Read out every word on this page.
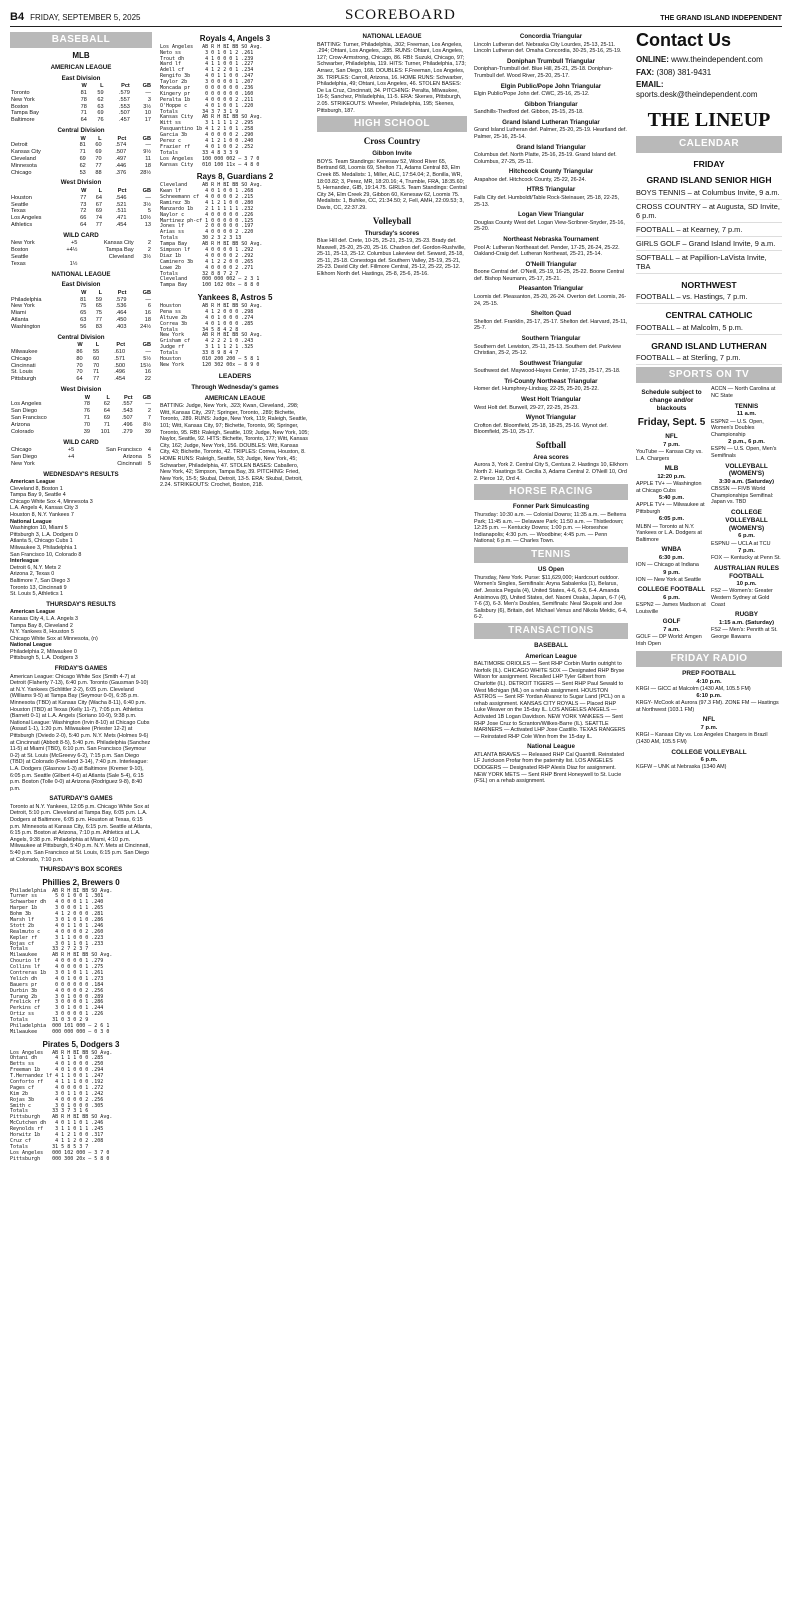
B4 FRIDAY, SEPTEMBER 5, 2025	SCOREBOARD	THE GRAND ISLAND INDEPENDENT
BASEBALL
MLB
AMERICAN LEAGUE
East Division
	W	L	Pct	GB
Toronto	81	59	.579	—
New York	78	62	.557	3
Boston	78	63	.553	3½
Tampa Bay	71	69	.507	10
Baltimore	64	76	.457	17
Central Division
	W	L	Pct	GB
Detroit	81	60	.574	—
Kansas City	71	69	.507	9½
Cleveland	69	70	.497	11
Minnesota	62	77	.446	18
Chicago	53	88	.376	28½
West Division
	W	L	Pct	GB
Houston	77	64	.546	—
Seattle	73	67	.521	3½
Texas	72	69	.511	5
Los Angeles	66	74	.471	10½
Athletics	64	77	.454	13
WILD CARD
New York	+5	Kansas City	2
Boston	+4½	Tampa Bay	2
Seattle		Cleveland	3½
Texas	1½		
NATIONAL LEAGUE
East Division
	W	L	Pct	GB
Philadelphia	81	59	.579	—
New York	75	65	.536	6
Miami	65	75	.464	16
Atlanta	63	77	.450	18
Washington	56	83	.403	24½
Central Division
	W	L	Pct	GB
Milwaukee	86	55	.610	—
Chicago	80	60	.571	5½
Cincinnati	70	70	.500	15½
St. Louis	70	71	.496	16
Pittsburgh	64	77	.454	22
West Division
	W	L	Pct	GB
Los Angeles	78	62	.557	—
San Diego	76	64	.543	2
San Francisco	71	69	.507	7
Arizona	70	71	.496	8½
Colorado	39	101	.279	39
WILD CARD
Chicago	+5	San Francisco	4
San Diego	+4	Arizona	5
New York		Cincinnati	5
WEDNESDAY'S RESULTS
American League
Cleveland 8, Boston 1
Tampa Bay 9, Seattle 4
Chicago White Sox 4, Minnesota 3
L.A. Angels 4, Kansas City 3
Houston 8, N.Y. Yankees 7
National League
Washington 10, Miami 5
Pittsburgh 3, L.A. Dodgers 0
Atlanta 5, Chicago Cubs 1
Milwaukee 3, Philadelphia 1
San Francisco 10, Colorado 8
Interleague
Detroit 6, N.Y. Mets 2
Arizona 2, Texas 0
Baltimore 7, San Diego 3
Toronto 13, Cincinnati 9
St. Louis 5, Athletics 1
THURSDAY'S RESULTS
American League
Kansas City 4, L.A. Angels 3
Tampa Bay 8, Cleveland 2
N.Y. Yankees 8, Houston 5
Chicago White Sox at Minnesota, (n)
National League
Philadelphia 2, Milwaukee 0
Pittsburgh 5, L.A. Dodgers 3
FRIDAY'S GAMES

American League: Chicago White Sox (Smith 4-7) at Detroit (Flaherty 7-13), 6:40 p.m. Toronto (Gausman 9-10) at N.Y. Yankees (Schlittler 2-2), 6:05 p.m. Cleveland (Williams 9-5) at Tampa Bay (Seymour 0-0), 6:35 p.m. Minnesota (TBD) at Kansas City (Wacha 8-11), 6:40 p.m. Houston (TBD) at Texas (Kelly 11-7), 7:05 p.m. Athletics (Barnett 0-1) at L.A. Angels (Soriano 10-9), 9:38 p.m. National League: Washington (Irvin 8-10) at Chicago Cubs (Assad 1-1), 1:20 p.m. Milwaukee (Priester 12-2) at Pittsburgh (Oviedo 2-0), 5:40 p.m. N.Y. Mets (Holmes 9-6) at Cincinnati (Abbott 8-5), 5:40 p.m. Philadelphia (Sanchez 11-5) at Miami (TBD), 6:10 p.m. San Francisco (Seymour 0-2) at St. Louis (McGreevy 6-2), 7:15 p.m. San Diego (TBD) at Colorado (Freeland 3-14), 7:40 p.m. Interleague: L.A. Dodgers (Glasnow 1-3) at Baltimore (Kremer 9-10), 6:05 p.m. Seattle (Gilbert 4-6) at Atlanta (Sale 5-4), 6:15 p.m. Boston (Tolle 0-0) at Arizona (Rodriguez 9-8), 8:40 p.m.

SATURDAY'S GAMES

Toronto at N.Y. Yankees, 12:05 p.m. Chicago White Sox at Detroit, 5:10 p.m. Cleveland at Tampa Bay, 6:05 p.m. L.A. Dodgers at Baltimore, 6:05 p.m. Houston at Texas, 6:15 p.m. Minnesota at Kansas City, 6:15 p.m. Seattle at Atlanta, 6:15 p.m. Boston at Arizona, 7:10 p.m. Athletics at L.A. Angels, 9:38 p.m. Philadelphia at Miami, 4:10 p.m. Milwaukee at Pittsburgh, 5:40 p.m. N.Y. Mets at Cincinnati, 5:40 p.m. San Francisco at St. Louis, 6:15 p.m. San Diego at Colorado, 7:10 p.m.

THURSDAY'S BOX SCORES
Phillies 2, Brewers 0
Philadelphia  AB R H BI BB SO Avg.
Turner ss      5 0 1 0 0 1 .301
Schwarber dh   4 0 0 0 1 1 .240
Harper 1b      3 0 0 0 1 1 .265
Bohm 3b        4 1 2 0 0 0 .281
Marsh lf       3 0 1 0 1 0 .286
Stott 2b       4 0 1 1 0 1 .246
Realmuto c     4 0 0 0 0 2 .260
Kepler rf      3 1 1 0 0 0 .223
Rojas cf       3 0 1 1 0 1 .233
Totals        33 2 7 2 3 7
Milwaukee     AB R H BI BB SO Avg.
Chourio lf     4 0 0 0 0 1 .279
Collins lf     4 0 0 0 0 1 .275
Contreras 1b   3 0 1 0 1 1 .261
Yelich dh      4 0 1 0 0 1 .273
Bauers pr      0 0 0 0 0 0 .184
Durbin 3b      4 0 0 0 0 2 .256
Turang 2b      3 0 1 0 0 0 .289
Frelick rf     3 0 0 0 0 1 .286
Perkins cf     3 0 1 0 0 1 .244
Ortiz ss       3 0 0 0 0 1 .226
Totals        31 0 3 0 2 9
Philadelphia  000 101 000 — 2 6 1
Milwaukee     000 000 000 — 0 3 0
Pirates 5, Dodgers 3
Los Angeles   AB R H BI BB SO Avg.
Ohtani dh      4 1 1 1 0 0 .285
Betts ss       4 0 1 0 0 0 .250
Freeman 1b     4 0 1 0 0 0 .294
T.Hernandez lf 4 1 1 0 0 1 .247
Conforto rf    4 1 1 1 0 0 .192
Pages cf       4 0 0 0 0 1 .272
Kim 2b         3 0 1 1 0 1 .242
Rojas 3b       4 0 0 0 0 2 .256
Smith c        3 0 1 0 0 0 .305
Totals        33 3 7 3 1 6
Pittsburgh    AB R H BI BB SO Avg.
McCutchen dh   4 0 1 1 0 1 .246
Reynolds rf    3 1 1 0 1 1 .245
Horwitz 1b     4 1 2 1 0 0 .317
Cruz cf        4 1 1 2 0 2 .208
Totals        31 5 8 5 3 7
Los Angeles   000 102 000 — 3 7 0
Pittsburgh    000 300 20x — 5 8 0
Royals 4, Angels 3
Los Angeles   AB R H BI BB SO Avg.
Neto ss        3 0 1 0 1 2 .261
Trout dh       4 1 0 0 0 1 .239
Ward lf        4 1 1 0 0 1 .227
Adell cf       4 1 2 2 0 1 .234
Rengifo 3b     4 0 1 1 0 0 .247
Taylor 2b      3 0 0 0 0 1 .207
Moncada pr     0 0 0 0 0 0 .236
Kingery pr     0 0 0 0 0 0 .160
Peralta 1b     4 0 0 0 0 2 .211
O'Hoppe c      4 0 1 0 0 1 .220
Totals        34 3 7 3 1 9
Kansas City   AB R H BI BB SO Avg.
Witt ss        3 1 1 1 1 2 .295
Pasquantino 1b 4 1 2 1 0 1 .258
Garcia 3b      4 0 0 0 0 2 .290
Perez c        4 1 2 1 0 0 .240
Frazier rf     4 0 1 0 0 2 .252
Totals        33 4 8 3 3 9
Los Angeles   100 000 002 — 3 7 0
Kansas City   010 100 11x — 4 8 0
Rays 8, Guardians 2
Cleveland     AB R H BI BB SO Avg.
Kwan lf        4 0 1 0 0 1 .268
Schneemann cf  4 0 0 0 0 2 .215
Ramirez 3b     4 1 2 1 0 0 .280
Manzardo 1b    2 1 1 1 1 1 .232
Naylor c       4 0 0 0 0 0 .226
Martinez ph-cf 1 0 0 0 0 0 .125
Jones lf       2 0 0 0 0 0 .197
Arias ss       4 0 0 0 0 2 .220
Totals        30 2 3 2 3 13
Tampa Bay     AB R H BI BB SO Avg.
Simpson lf     4 0 0 0 0 1 .292
Diaz 1b        4 0 0 0 0 2 .292
Caminero 3b    4 1 2 2 0 0 .265
Lowe 2b        4 0 0 0 0 2 .271
Totals        32 8 8 7 2 7
Cleveland     000 000 002 — 2 3 1
Tampa Bay     100 102 00x — 8 8 0
Yankees 8, Astros 5
Houston       AB R H BI BB SO Avg.
Pena ss        4 1 2 0 0 0 .298
Altuve 2b      4 0 1 0 0 0 .274
Correa 3b      4 0 1 0 0 0 .285
Totals        34 5 8 4 2 8
New York      AB R H BI BB SO Avg.
Grisham cf     4 2 2 2 1 0 .243
Judge rf       3 1 1 1 2 1 .325
Totals        33 8 9 8 4 7
Houston       010 200 200 — 5 8 1
New York      120 302 00x — 8 9 0
LEADERS
Through Wednesday's games
AMERICAN LEAGUE

BATTING: Judge, New York, .323; Kwan, Cleveland, .298; Witt, Kansas City, .297; Springer, Toronto, .289; Bichette, Toronto, .289. RUNS: Judge, New York, 119; Raleigh, Seattle, 101; Witt, Kansas City, 97; Bichette, Toronto, 96; Springer, Toronto, 95. RBI: Raleigh, Seattle, 109; Judge, New York, 105; Naylor, Seattle, 92. HITS: Bichette, Toronto, 177; Witt, Kansas City, 162; Judge, New York, 156. DOUBLES: Witt, Kansas City, 43; Bichette, Toronto, 42. TRIPLES: Correa, Houston, 8. HOME RUNS: Raleigh, Seattle, 53; Judge, New York, 45; Schwarber, Philadelphia, 47. STOLEN BASES: Caballero, New York, 42; Simpson, Tampa Bay, 39. PITCHING: Fried, New York, 15-5; Skubal, Detroit, 13-5. ERA: Skubal, Detroit, 2.24. STRIKEOUTS: Crochet, Boston, 218.

NATIONAL LEAGUE

BATTING: Turner, Philadelphia, .302; Freeman, Los Angeles, .294; Ohtani, Los Angeles, .285. RUNS: Ohtani, Los Angeles, 127; Crow-Armstrong, Chicago, 86. RBI: Suzuki, Chicago, 97; Schwarber, Philadelphia, 119. HITS: Turner, Philadelphia, 173; Arraez, San Diego, 168. DOUBLES: F.Freeman, Los Angeles, 36. TRIPLES: Carroll, Arizona, 16. HOME RUNS: Schwarber, Philadelphia, 49; Ohtani, Los Angeles, 46. STOLEN BASES: De La Cruz, Cincinnati, 34. PITCHING: Peralta, Milwaukee, 16-5; Sanchez, Philadelphia, 11-5. ERA: Skenes, Pittsburgh, 2.05. STRIKEOUTS: Wheeler, Philadelphia, 195; Skenes, Pittsburgh, 187.

HIGH SCHOOL
Cross Country
Gibbon Invite

BOYS. Team Standings: Kenesaw 52, Wood River 65, Bertrand 68, Loomis 69, Shelton 71, Adams Central 83, Elm Creek 85. Medalists: 1, Miller, ALC, 17:54.04; 2, Bonilla, WR, 18:03.82; 3, Perez, MR, 18:20.16; 4, Trumble, FRA, 18:35.60; 5, Hernandez, GIB, 19:14.75. GIRLS. Team Standings: Central City 34, Elm Creek 29, Gibbon 60, Kenesaw 62, Loomis 75. Medalists: 1, Buhlke, CC, 21:34.50; 2, Fell, AMH, 22:09.53; 3, Davis, CC, 22:37.29.

Volleyball
Thursday's scores

Blue Hill def. Crete, 10-25, 25-21, 25-19, 25-23. Brady def. Maxwell, 25-20, 25-20, 25-16. Chadron def. Gordon-Rushville, 25-11, 25-13, 25-12. Columbus Lakeview def. Seward, 25-18, 25-11, 25-18. Conestoga def. Southern Valley, 25-19, 25-21, 25-23. David City def. Fillmore Central, 25-12, 25-22, 25-12. Elkhorn North def. Hastings, 25-8, 25-6, 25-16.

Concordia Triangular

Lincoln Lutheran def. Nebraska City Lourdes, 25-13, 25-11. Lincoln Lutheran def. Omaha Concordia, 30-25, 25-16, 25-19.

Doniphan Trumbull Triangular

Doniphan-Trumbull def. Blue Hill, 25-21, 25-18. Doniphan-Trumbull def. Wood River, 25-20, 25-17.

Elgin Public/Pope John Triangular

Elgin Public/Pope John def. CWC, 25-16, 25-12.

Gibbon Triangular

Sandhills-Thedford def. Gibbon, 25-15, 25-18.

Grand Island Lutheran Triangular

Grand Island Lutheran def. Palmer, 25-20, 25-19. Heartland def. Palmer, 25-16, 25-14.

Grand Island Triangular

Columbus def. North Platte, 25-16, 25-19. Grand Island def. Columbus, 27-25, 25-11.

Hitchcock County Triangular

Arapahoe def. Hitchcock County, 25-22, 26-24.

HTRS Triangular

Falls City def. Humboldt/Table Rock-Steinauer, 25-18, 22-25, 25-13.

Logan View Triangular

Douglas County West def. Logan View-Scribner-Snyder, 25-16, 25-20.

Northeast Nebraska Tournament

Pool A: Lutheran Northeast def. Pender, 17-25, 26-24, 25-22. Oakland-Craig def. Lutheran Northeast, 25-21, 25-14.

O'Neill Triangular

Boone Central def. O'Neill, 25-19, 16-25, 25-22. Boone Central def. Bishop Neumann, 25-17, 25-21.

Pleasanton Triangular

Loomis def. Pleasanton, 25-20, 26-24. Overton def. Loomis, 26-24, 25-15.

Shelton Quad

Shelton def. Franklin, 25-17, 25-17. Shelton def. Harvard, 25-11, 25-7.

Southern Triangular

Southern def. Lewiston, 25-11, 25-13. Southern def. Parkview Christian, 25-2, 25-12.

Southwest Triangular

Southwest def. Maywood-Hayes Center, 17-25, 25-17, 25-18.

Tri-County Northeast Triangular

Homer def. Humphrey-Lindsay, 22-25, 25-20, 25-22.

West Holt Triangular

West Holt def. Burwell, 29-27, 22-25, 25-23.

Wynot Triangular

Crofton def. Bloomfield, 25-18, 18-25, 25-16. Wynot def. Bloomfield, 25-10, 25-17.

Softball
Area scores

Aurora 3, York 2. Central City 5, Centura 2. Hastings 10, Elkhorn North 2. Hastings St. Cecilia 3, Adams Central 2. O'Neill 10, Ord 2. Pierce 12, Ord 4.

HORSE RACING
Fonner Park Simulcasting

Thursday: 10:30 a.m. — Colonial Downs; 11:35 a.m. — Belterra Park; 11:45 a.m. — Delaware Park; 11:50 a.m. — Thistledown; 12:25 p.m. — Kentucky Downs; 1:00 p.m. — Horseshoe Indianapolis; 4:30 p.m. — Woodbine; 4:45 p.m. — Penn National; 6 p.m. — Charles Town.

TENNIS
US Open

Thursday, New York. Purse: $11,629,000; Hardcourt outdoor. Women's Singles, Semifinals: Aryna Sabalenka (1), Belarus, def. Jessica Pegula (4), United States, 4-6, 6-3, 6-4. Amanda Anisimova (8), United States, def. Naomi Osaka, Japan, 6-7 (4), 7-6 (3), 6-3. Men's Doubles, Semifinals: Neal Skupski and Joe Salisbury (6), Britain, def. Michael Venus and Nikola Mektic, 6-4, 6-2.

TRANSACTIONS
BASEBALL
American League

BALTIMORE ORIOLES — Sent RHP Corbin Martin outright to Norfolk (IL). CHICAGO WHITE SOX — Designated RHP Bryse Wilson for assignment. Recalled LHP Tyler Gilbert from Charlotte (IL). DETROIT TIGERS — Sent RHP Paul Sewald to West Michigan (ML) on a rehab assignment. HOUSTON ASTROS — Sent RF Yordan Alvarez to Sugar Land (PCL) on a rehab assignment. KANSAS CITY ROYALS — Placed RHP Luke Weaver on the 15-day IL. LOS ANGELES ANGELS — Activated 1B Logan Davidson. NEW YORK YANKEES — Sent RHP Jose Cruz to Scranton/Wilkes-Barre (IL). SEATTLE MARINERS — Activated LHP Jose Castillo. TEXAS RANGERS — Reinstated RHP Cole Winn from the 15-day IL.

National League

ATLANTA BRAVES — Released RHP Cal Quantrill. Reinstated LF Jurickson Profar from the paternity list. LOS ANGELES DODGERS — Designated RHP Alexis Diaz for assignment. NEW YORK METS — Sent RHP Brent Honeywell to St. Lucie (FSL) on a rehab assignment.

Contact Us
ONLINE: www.theindependent.com
FAX: (308) 381-9431
EMAIL: sports.desk@theindependent.com
THE LINEUP
CALENDAR
FRIDAY
GRAND ISLAND SENIOR HIGH
BOYS TENNIS – at Columbus Invite, 9 a.m.
CROSS COUNTRY – at Augusta, SD Invite, 6 p.m.
FOOTBALL – at Kearney, 7 p.m.
GIRLS GOLF – Grand Island Invite, 9 a.m.
SOFTBALL – at Papillion-LaVista Invite, TBA
NORTHWEST
FOOTBALL – vs. Hastings, 7 p.m.
CENTRAL CATHOLIC
FOOTBALL – at Malcolm, 5 p.m.
GRAND ISLAND LUTHERAN
FOOTBALL – at Sterling, 7 p.m.
SPORTS ON TV
Schedule subject to change and/or blackouts
Friday, Sept. 5
NFL
7 p.m.
YouTube — Kansas City vs. L.A. Chargers
MLB
12:20 p.m.
APPLE TV+ — Washington at Chicago Cubs
5:40 p.m.
APPLE TV+ — Milwaukee at Pittsburgh
6:05 p.m.
MLBN — Toronto at N.Y. Yankees or L.A. Dodgers at Baltimore
WNBA
6:30 p.m.
ION — Chicago at Indiana
9 p.m.
ION — New York at Seattle
COLLEGE FOOTBALL
6 p.m.
ESPN2 — James Madison at Louisville
GOLF
7 a.m.
GOLF — DP World: Amgen Irish Open
ACCN — North Carolina at NC State
TENNIS
11 a.m.
ESPN2 — U.S. Open, Women's Doubles Championship
2 p.m., 6 p.m.
ESPN — U.S. Open, Men's Semifinals
VOLLEYBALL (WOMEN'S)
3:30 a.m. (Saturday)
CBSSN — FIVB World Championships Semifinal: Japan vs. TBD
COLLEGE VOLLEYBALL (WOMEN'S)
6 p.m.
ESPNU — UCLA at TCU
7 p.m.
FOX — Kentucky at Penn St.
AUSTRALIAN RULES FOOTBALL
10 p.m.
FS2 — Women's: Greater Western Sydney at Gold Coast
RUGBY
1:15 a.m. (Saturday)
FS2 — Men's: Penrith at St. George Illawarra
FRIDAY RADIO
PREP FOOTBALL
4:10 p.m.
KRGI — GICC at Malcolm (1430 AM, 105.5 FM)
6:10 p.m.
KRGY- McCook at Aurora (97.3 FM). ZONE FM — Hastings at Northwest (103.1 FM)
NFL
7 p.m.
KRGI – Kansas City vs. Los Angeles Chargers in Brazil (1430 AM, 105.5 FM)
COLLEGE VOLLEYBALL
6 p.m.
KGFW – UNK at Nebraska (1340 AM)
